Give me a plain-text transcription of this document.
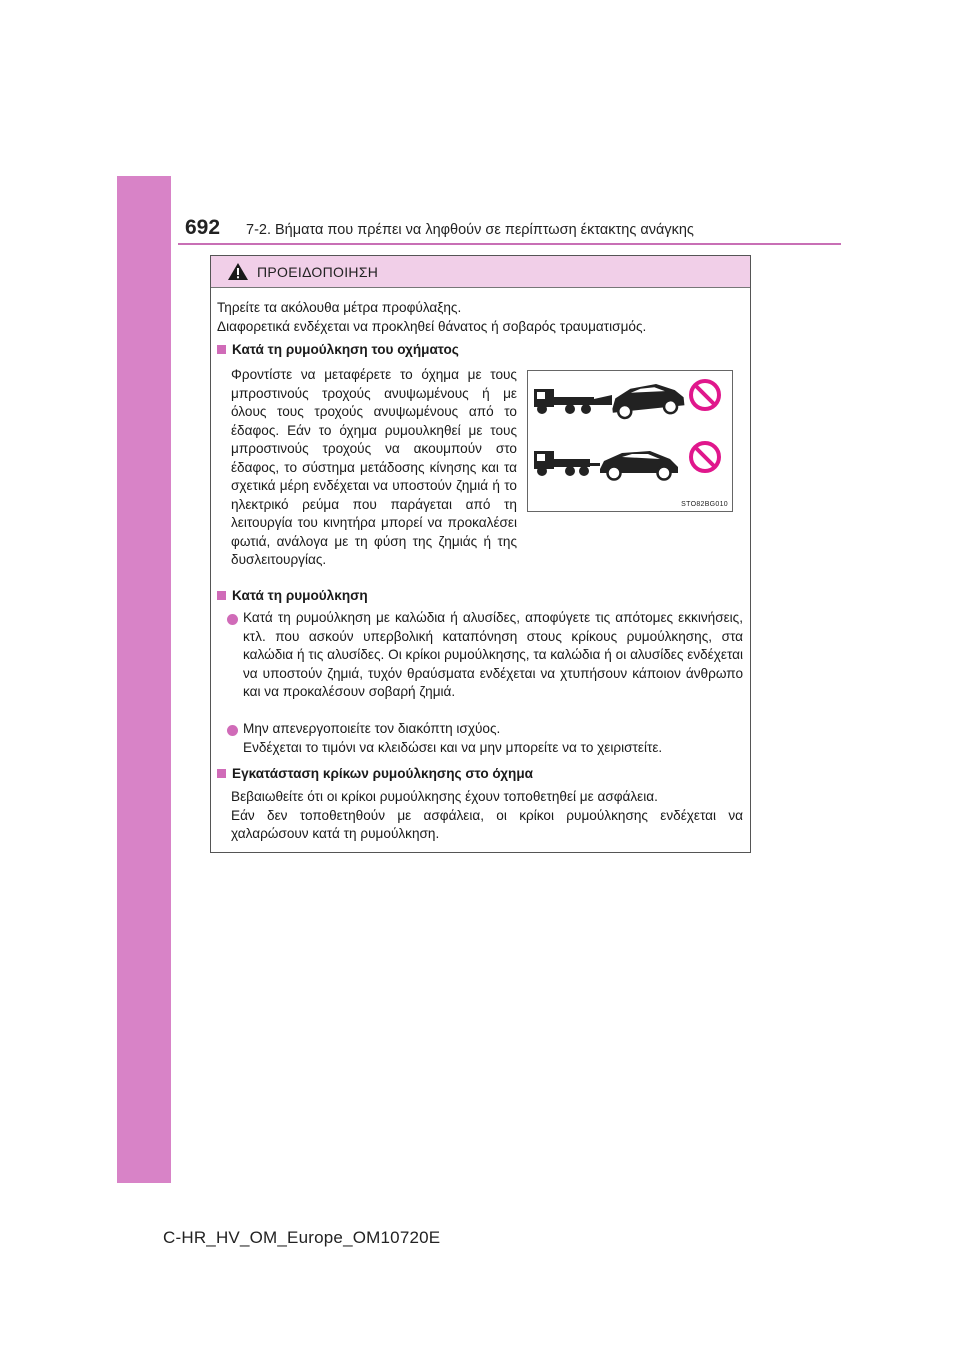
692 7-2. Βήματα που πρέπει να ληφθούν σε περίπτωση έκτακτης ανάγκης
ΠΡΟΕΙΔΟΠΟΙΗΣΗ
Τηρείτε τα ακόλουθα μέτρα προφύλαξης.
Διαφορετικά ενδέχεται να προκληθεί θάνατος ή σοβαρός τραυματισμός.
Κατά τη ρυμούλκηση του οχήματος
Φροντίστε να μεταφέρετε το όχημα με τους μπροστινούς τροχούς ανυψωμένους ή με όλους τους τροχούς ανυψωμένους από το έδαφος. Εάν το όχημα ρυμουλκηθεί με τους μπροστινούς τροχούς να ακουμπούν στο έδαφος, το σύστημα μετάδοσης κίνησης και τα σχετικά μέρη ενδέχεται να υποστούν ζημιά ή το ηλεκτρικό ρεύμα που παράγεται από τη λειτουργία του κινητήρα μπορεί να προκαλέσει φωτιά, ανάλογα με τη φύση της ζημιάς ή της δυσλειτουργίας.
STO82BG010
Κατά τη ρυμούλκηση
Κατά τη ρυμούλκηση με καλώδια ή αλυσίδες, αποφύγετε τις απότομες εκκινήσεις, κτλ. που ασκούν υπερβολική καταπόνηση στους κρίκους ρυμούλκησης, στα καλώδια ή τις αλυσίδες. Οι κρίκοι ρυμούλκησης, τα καλώδια ή οι αλυσίδες ενδέχεται να υποστούν ζημιά, τυχόν θραύσματα ενδέχεται να χτυπήσουν κάποιον άνθρωπο και να προκαλέσουν σοβαρή ζημιά.
Μην απενεργοποιείτε τον διακόπτη ισχύος.
Ενδέχεται το τιμόνι να κλειδώσει και να μην μπορείτε να το χειριστείτε.
Εγκατάσταση κρίκων ρυμούλκησης στο όχημα
Βεβαιωθείτε ότι οι κρίκοι ρυμούλκησης έχουν τοποθετηθεί με ασφάλεια.
Εάν δεν τοποθετηθούν με ασφάλεια, οι κρίκοι ρυμούλκησης ενδέχεται να χαλαρώσουν κατά τη ρυμούλκηση.
C-HR_HV_OM_Europe_OM10720E
